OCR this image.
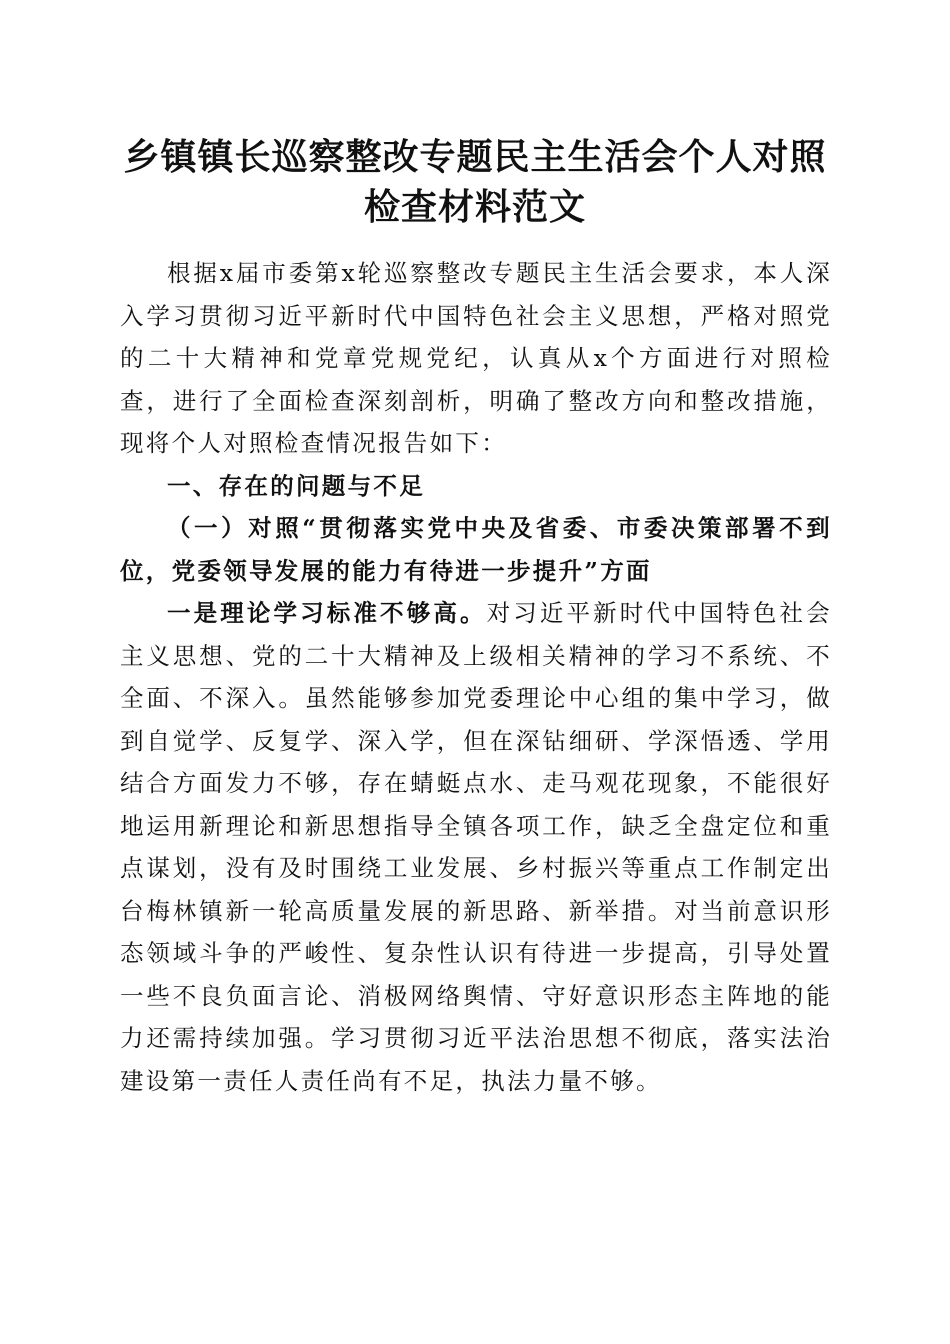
乡镇镇长巡察整改专题民主生活会个人对照检查材料范文

根据x届市委第x轮巡察整改专题民主生活会要求，本人深入学习贯彻习近平新时代中国特色社会主义思想，严格对照党的二十大精神和党章党规党纪，认真从x个方面进行对照检查，进行了全面检查深刻剖析，明确了整改方向和整改措施，现将个人对照检查情况报告如下：

一、存在的问题与不足

（一）对照“贯彻落实党中央及省委、市委决策部署不到位，党委领导发展的能力有待进一步提升”方面

一是理论学习标准不够高。对习近平新时代中国特色社会主义思想、党的二十大精神及上级相关精神的学习不系统、不全面、不深入。虽然能够参加党委理论中心组的集中学习，做到自觉学、反复学、深入学，但在深钻细研、学深悟透、学用结合方面发力不够，存在蜻蜓点水、走马观花现象，不能很好地运用新理论和新思想指导全镇各项工作，缺乏全盘定位和重点谋划，没有及时围绕工业发展、乡村振兴等重点工作制定出台梅林镇新一轮高质量发展的新思路、新举措。对当前意识形态领域斗争的严峻性、复杂性认识有待进一步提高，引导处置一些不良负面言论、消极网络舆情、守好意识形态主阵地的能力还需持续加强。学习贯彻习近平法治思想不彻底，落实法治建设第一责任人责任尚有不足，执法力量不够。
